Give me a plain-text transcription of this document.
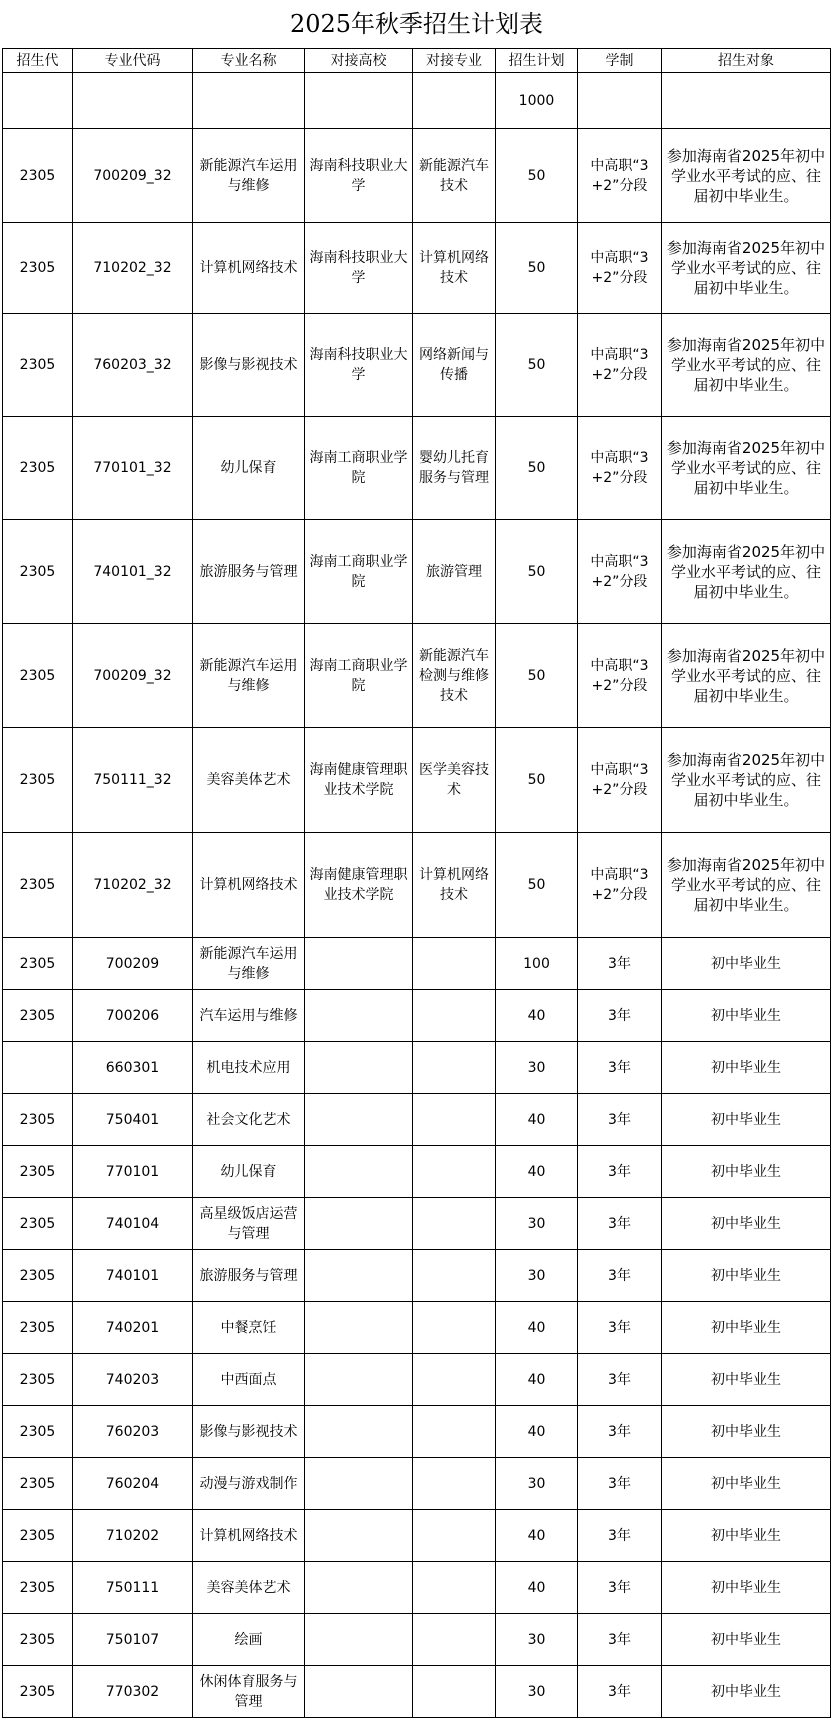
2025年秋季招生计划表
招生代	专业代码	专业名称	对接高校	对接专业	招生计划	学制	招生对象
					1000		
2305	700209_32	新能源汽车运用与维修	海南科技职业大学	新能源汽车技术	50	中高职“3+2”分段	参加海南省2025年初中学业水平考试的应、往届初中毕业生。
2305	710202_32	计算机网络技术	海南科技职业大学	计算机网络技术	50	中高职“3+2”分段	参加海南省2025年初中学业水平考试的应、往届初中毕业生。
2305	760203_32	影像与影视技术	海南科技职业大学	网络新闻与传播	50	中高职“3+2”分段	参加海南省2025年初中学业水平考试的应、往届初中毕业生。
2305	770101_32	幼儿保育	海南工商职业学院	婴幼儿托育服务与管理	50	中高职“3+2”分段	参加海南省2025年初中学业水平考试的应、往届初中毕业生。
2305	740101_32	旅游服务与管理	海南工商职业学院	旅游管理	50	中高职“3+2”分段	参加海南省2025年初中学业水平考试的应、往届初中毕业生。
2305	700209_32	新能源汽车运用与维修	海南工商职业学院	新能源汽车检测与维修技术	50	中高职“3+2”分段	参加海南省2025年初中学业水平考试的应、往届初中毕业生。
2305	750111_32	美容美体艺术	海南健康管理职业技术学院	医学美容技术	50	中高职“3+2”分段	参加海南省2025年初中学业水平考试的应、往届初中毕业生。
2305	710202_32	计算机网络技术	海南健康管理职业技术学院	计算机网络技术	50	中高职“3+2”分段	参加海南省2025年初中学业水平考试的应、往届初中毕业生。
2305	700209	新能源汽车运用与维修			100	3年	初中毕业生
2305	700206	汽车运用与维修			40	3年	初中毕业生
	660301	机电技术应用			30	3年	初中毕业生
2305	750401	社会文化艺术			40	3年	初中毕业生
2305	770101	幼儿保育			40	3年	初中毕业生
2305	740104	高星级饭店运营与管理			30	3年	初中毕业生
2305	740101	旅游服务与管理			30	3年	初中毕业生
2305	740201	中餐烹饪			40	3年	初中毕业生
2305	740203	中西面点			40	3年	初中毕业生
2305	760203	影像与影视技术			40	3年	初中毕业生
2305	760204	动漫与游戏制作			30	3年	初中毕业生
2305	710202	计算机网络技术			40	3年	初中毕业生
2305	750111	美容美体艺术			40	3年	初中毕业生
2305	750107	绘画			30	3年	初中毕业生
2305	770302	休闲体育服务与管理			30	3年	初中毕业生
